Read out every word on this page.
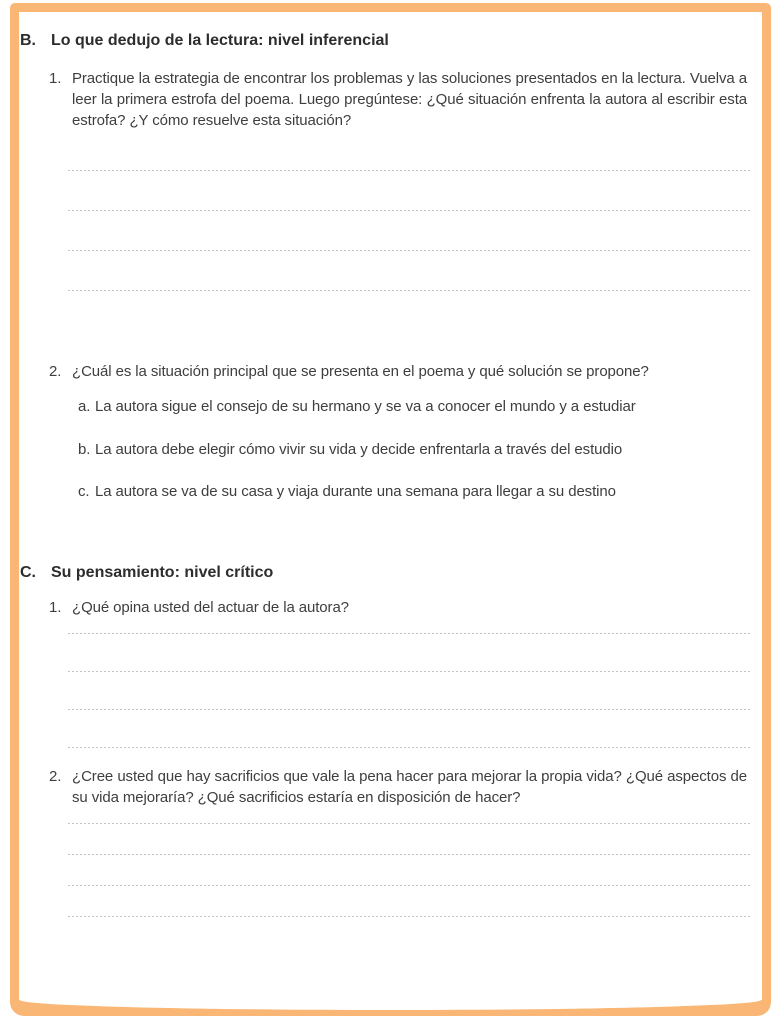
B. Lo que dedujo de la lectura: nivel inferencial
1. Practique la estrategia de encontrar los problemas y las soluciones presentados en la lectura. Vuelva a leer la primera estrofa del poema. Luego pregúntese: ¿Qué situación enfrenta la autora al escribir esta estrofa? ¿Y cómo resuelve esta situación?
2. ¿Cuál es la situación principal que se presenta en el poema y qué solución se propone?
a. La autora sigue el consejo de su hermano y se va a conocer el mundo y a estudiar
b. La autora debe elegir cómo vivir su vida y decide enfrentarla a través del estudio
c. La autora se va de su casa y viaja durante una semana para llegar a su destino
C. Su pensamiento: nivel crítico
1. ¿Qué opina usted del actuar de la autora?
2. ¿Cree usted que hay sacrificios que vale la pena hacer para mejorar la propia vida? ¿Qué aspectos de su vida mejoraría? ¿Qué sacrificios estaría en disposición de hacer?
